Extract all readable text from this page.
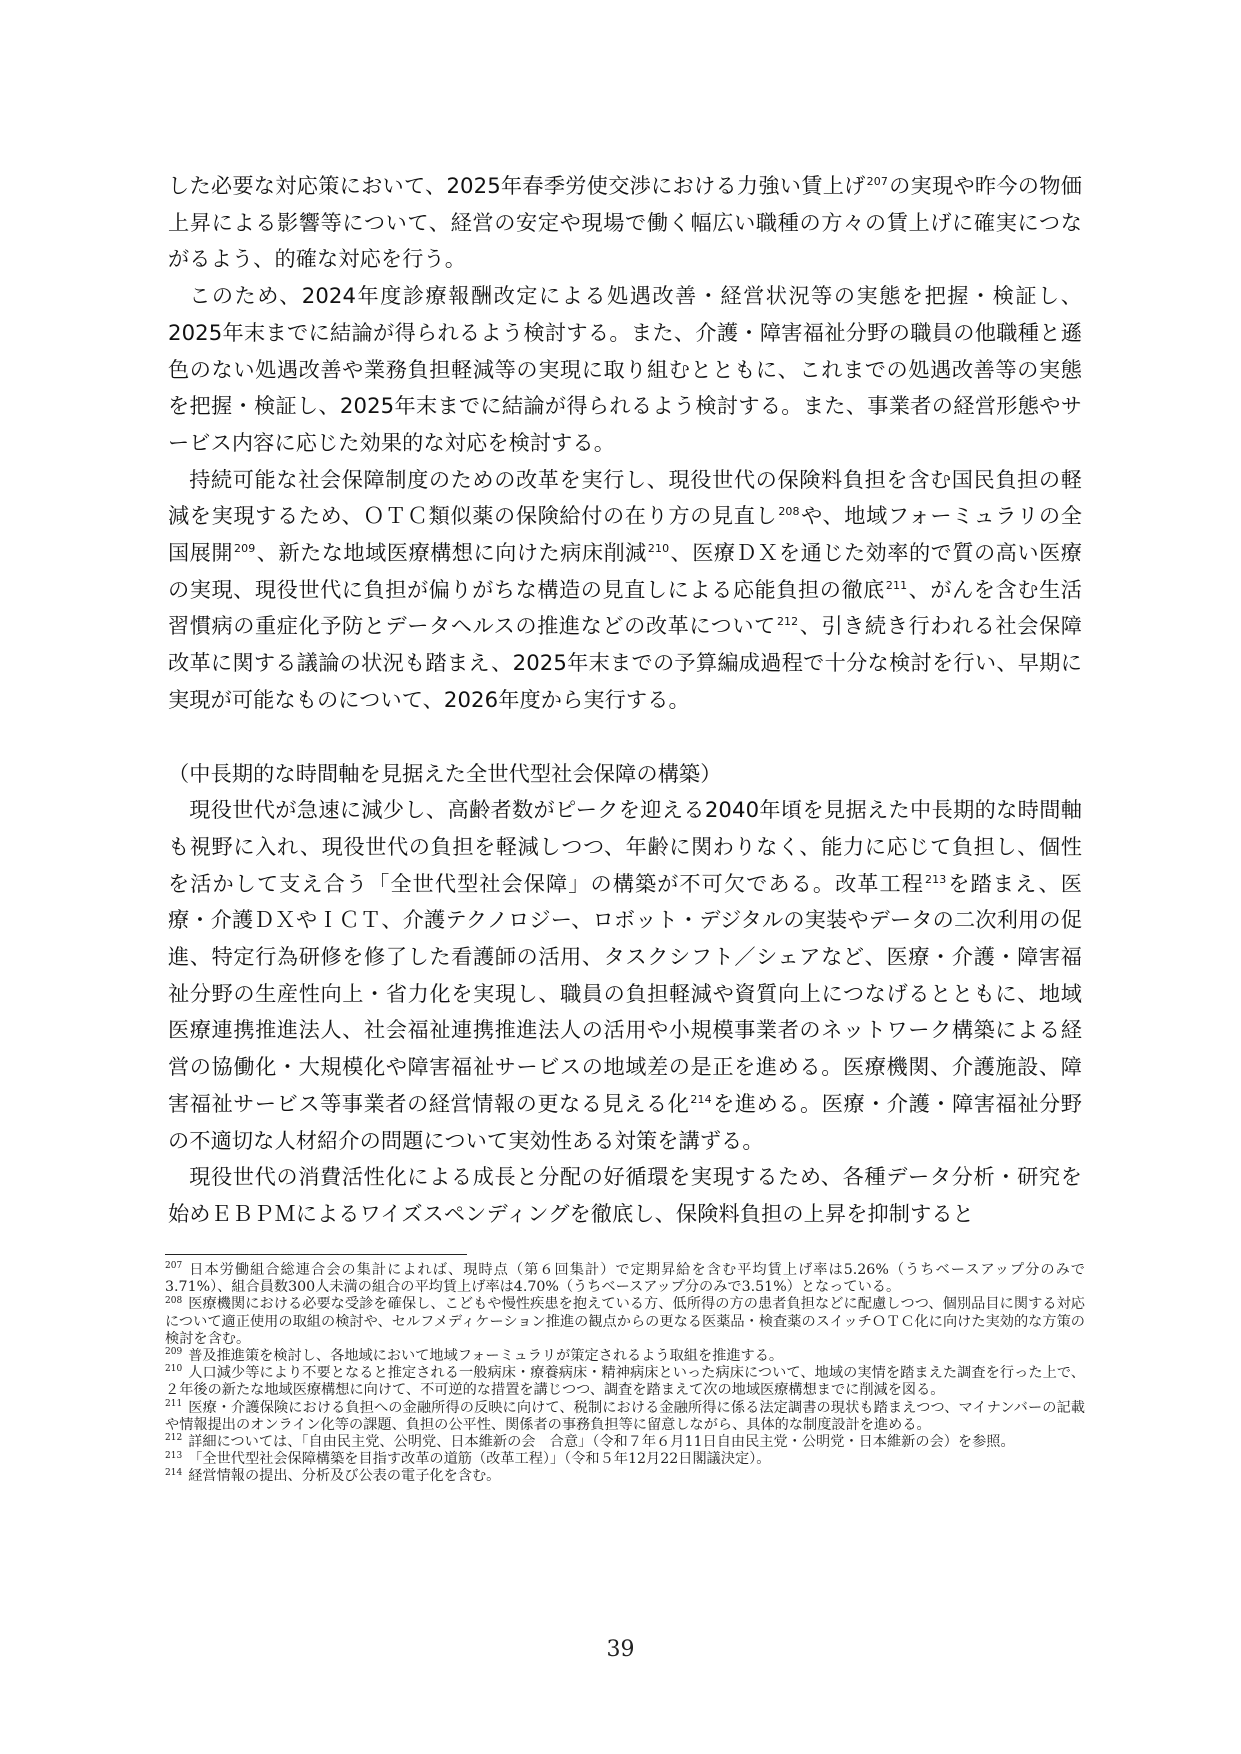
した必要な対応策において、2025年春季労使交渉における力強い賃上げ$^{207}$の実現や昨今の物価上昇による影響等について、経営の安定や現場で働く幅広い職種の方々の賃上げに確実につながるよう、的確な対応を行う。

このため、2024年度診療報酬改定による処遇改善・経営状況等の実態を把握・検証し、2025年末までに結論が得られるよう検討する。また、介護・障害福祉分野の職員の他職種と遜色のない処遇改善や業務負担軽減等の実現に取り組むとともに、これまでの処遇改善等の実態を把握・検証し、2025年末までに結論が得られるよう検討する。また、事業者の経営形態やサービス内容に応じた効果的な対応を検討する。

持続可能な社会保障制度のための改革を実行し、現役世代の保険料負担を含む国民負担の軽減を実現するため、ＯＴＣ類似薬の保険給付の在り方の見直し$^{208}$や、地域フォーミュラリの全国展開$^{209}$、新たな地域医療構想に向けた病床削減$^{210}$、医療ＤＸを通じた効率的で質の高い医療の実現、現役世代に負担が偏りがちな構造の見直しによる応能負担の徹底$^{211}$、がんを含む生活習慣病の重症化予防とデータヘルスの推進などの改革について$^{212}$、引き続き行われる社会保障改革に関する議論の状況も踏まえ、2025年末までの予算編成過程で十分な検討を行い、早期に実現が可能なものについて、2026年度から実行する。

（中長期的な時間軸を見据えた全世代型社会保障の構築）

現役世代が急速に減少し、高齢者数がピークを迎える2040年頃を見据えた中長期的な時間軸も視野に入れ、現役世代の負担を軽減しつつ、年齢に関わりなく、能力に応じて負担し、個性を活かして支え合う「全世代型社会保障」の構築が不可欠である。改革工程$^{213}$を踏まえ、医療・介護ＤＸやＩＣＴ、介護テクノロジー、ロボット・デジタルの実装やデータの二次利用の促進、特定行為研修を修了した看護師の活用、タスクシフト／シェアなど、医療・介護・障害福祉分野の生産性向上・省力化を実現し、職員の負担軽減や資質向上につなげるとともに、地域医療連携推進法人、社会福祉連携推進法人の活用や小規模事業者のネットワーク構築による経営の協働化・大規模化や障害福祉サービスの地域差の是正を進める。医療機関、介護施設、障害福祉サービス等事業者の経営情報の更なる見える化$^{214}$を進める。医療・介護・障害福祉分野の不適切な人材紹介の問題について実効性ある対策を講ずる。

現役世代の消費活性化による成長と分配の好循環を実現するため、各種データ分析・研究を始めＥＢＰＭによるワイズスペンディングを徹底し、保険料負担の上昇を抑制すると

$^{207}$ 日本労働組合総連合会の集計によれば、現時点（第６回集計）で定期昇給を含む平均賃上げ率は5.26%（うちベースアップ分のみで3.71%）、組合員数300人未満の組合の平均賃上げ率は4.70%（うちベースアップ分のみで3.51%）となっている。

$^{208}$ 医療機関における必要な受診を確保し、こどもや慢性疾患を抱えている方、低所得の方の患者負担などに配慮しつつ、個別品目に関する対応について適正使用の取組の検討や、セルフメディケーション推進の観点からの更なる医薬品・検査薬のスイッチＯＴＣ化に向けた実効的な方策の検討を含む。

$^{209}$ 普及推進策を検討し、各地域において地域フォーミュラリが策定されるよう取組を推進する。

$^{210}$ 人口減少等により不要となると推定される一般病床・療養病床・精神病床といった病床について、地域の実情を踏まえた調査を行った上で、２年後の新たな地域医療構想に向けて、不可逆的な措置を講じつつ、調査を踏まえて次の地域医療構想までに削減を図る。

$^{211}$ 医療・介護保険における負担への金融所得の反映に向けて、税制における金融所得に係る法定調書の現状も踏まえつつ、マイナンバーの記載や情報提出のオンライン化等の課題、負担の公平性、関係者の事務負担等に留意しながら、具体的な制度設計を進める。

$^{212}$ 詳細については、「自由民主党、公明党、日本維新の会　合意」（令和７年６月11日自由民主党・公明党・日本維新の会）を参照。

$^{213}$ 「全世代型社会保障構築を目指す改革の道筋（改革工程）」（令和５年12月22日閣議決定）。

$^{214}$ 経営情報の提出、分析及び公表の電子化を含む。

39
